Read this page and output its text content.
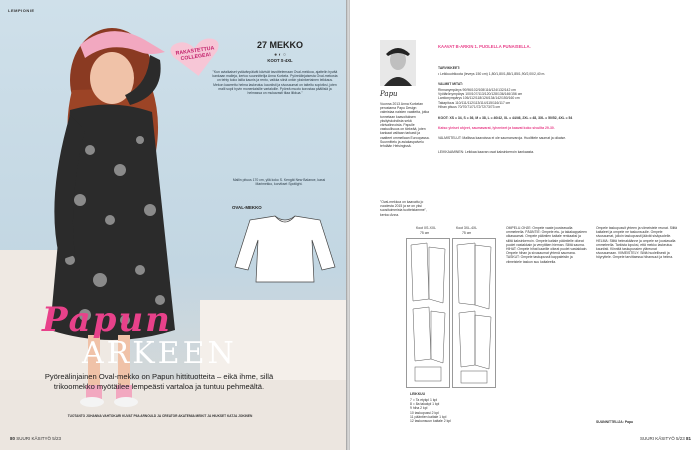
LEMPIONIE
RAKASTETTUA COLLEGEA!
27 MEKKO
● ◐ ○
KOOT S-4XL
"Kun aviaikaiset ystävänpäivät kävivät tavoittelemaan Oval-mekkoa, ajattelin hyvää kankaan malleja, kertoo suunnittelija Anna Kurkela. Pyöreälinjaisesta Oval-mekosta on tehty koko lailla kaunis ja rento, vaikka siinä onkin yksinkertainen leikkaus. Mekon kaarrettu helma laskeutuu kauniisti ja sivusaumat on taiteltu sopiviksi, joten malli sopii hyvin monenlaisille vartaloille. Pyöreä muoto korostaa päällisiä ja helmassa on mukavasti tilaa liikkua."
Mallin pituus 170 cm, yllä koko S. Kengät New Balance, kassi Marimekko, korvikset Spotlight.
OVAL-MEKKO
Papun
ARKEEN
Pyöreälinjainen Oval-mekko on Papun hittituotteita – eikä ihme, sillä trikoomekko myötäilee lempeästi vartaloa ja tuntuu pehmeältä.
TUOTANTO JOHANNA VAHTOKARI KUVAT PIIA ARNOULD JA CREATOR AKATEMIA MEIKIT JA HIUKSET KATJA JOKINEN
80 SUURI KÄSITYÖ 5/23
Papu
Vuonna 2013 Anna Kurkelan perustama Papu Design valmistaa naisten vaatteita, jotka tunnetaan kaavoituksen yksityiskohdista sekä värivalinnoista. Papulle vastuullisuus on tärkeää, joten kankaat valitaan tarkasti ja vaatteet ommellaan Euroopassa. Suunnittelu ja asiakaspalvelu tehdään Helsingissä.
"Oval-mekkoa on kaavattu jo vuodesta 2015 ja se on yksi suosituimmista tuotteistamme", kertoo Anna.
KAAVAT B-ARKIN 1. PUOLELLA PUNAISELLA.
TARVIKKEET:
• Leikkuutrikoota (leveys 150 cm) 1,80/1,80/1,85/1,85/1,90/2,00/2,40 m.
VALMIIT MITAT:
Rinnanympärys 90/96/102/108/116/124/132/142 cm
Vyötärönympärys 100/107/113/120/128/136/146/156 cm
Lantionympärys 106/112/118/126/134/142/150/160 cm
Takapituus 110/111/112/113/114/115/116/117 cm
Hihan pituus 70/70/71/71/72/72/73/73 cm
KOOT: XS = 34, S = 36, M = 38, L = 40/42, XL = 44/46, 2XL = 48, 3XL = 50/52, 4XL = 54
Katso yleiset ohjeet, saumavarat, lyhenteet ja kaavat koko sivuilta 29-30.
VALMISTELUT: Mallissa kaavoissa ei ole saumanvaroja. Huolittele saumat ja oikaise.
LEIKKAAMINEN: Leikkaa kaavan osat kaksinkerroin kankaasta.
Koot XS-XXL
75 cm
Koot 3XL-4XL
75 cm
LEIKKUU
7 = Ta etykpl 1 kpl
8 = 8a takakpl 1 kpl
9 hiha 2 kpl
10 taskupussi 2 kpl
11 pääntien kaitale 1 kpl
12 taskunsuun kaitale 2 kpl
OMPELU-OHJE: Ompele vaate jousteavalla ommeleella. PÄÄNTIE: Ompele etu- ja takakappaleen olkasaumat. Ompele pääntien kaitale renkaaksi ja silitä kaksinkerroin. Ompele kaitale pääntielle oikeat puolet vastakkain ja venyttäen hieman. Silitä sauma. HIHAT: Ompele hihat kaarille oikeat puolet vastakkain. Ompele hihan ja sivusaumat yhtenä saumana. TASKUT: Ompele taskupussit kappaleisiin ja viimeistele taskun suu kaitaleella.
Ompele taskupussit yhteen ja viimeistele reunat. Silitä kaitaleet ja ompele ne taskunsuulle. Ompele sivusaumat, jolloin taskupussit jäävät sisäpuolelle. HELMA: Silitä helmakäänne ja ompele se joustavalla ommeleella. Tarkista lopuksi, että mekko laskeutuu kauniisti. Kiinnitä taskupussien yläreunat sivusaumaan. VIIMEISTELY: Silitä huolellisesti ja höyryttele. Ompele tarvittaessa hihansuut ja helma.
SUUNNITTELIJA: Papu
SUURI KÄSITYÖ 5/23 81
